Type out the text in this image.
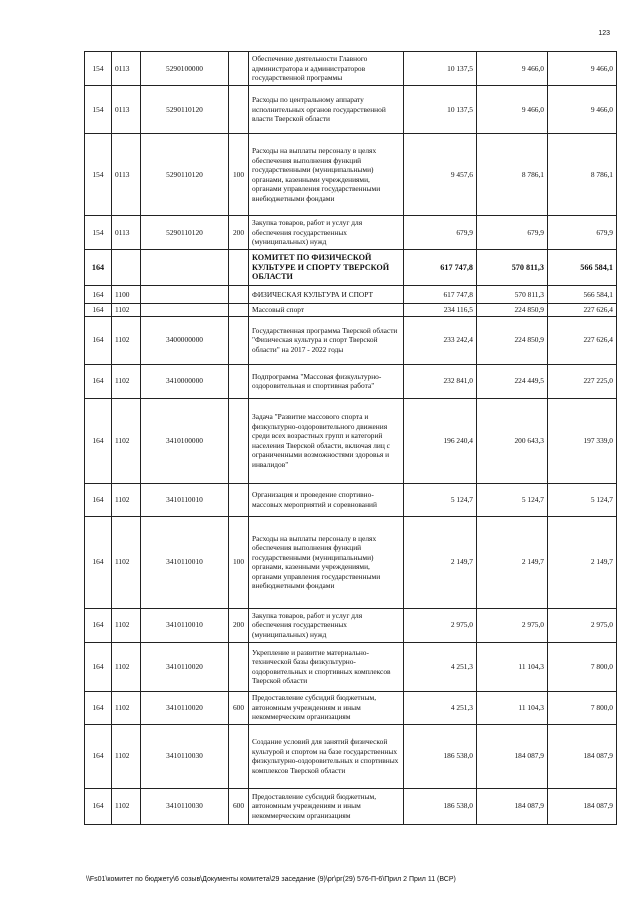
123
154	0113	5290100000		Обеспечение деятельности Главного администратора и администраторов государственной программы	10 137,5	9 466,0	9 466,0
154	0113	5290110120		Расходы по центральному аппарату исполнительных органов государственной власти Тверской области	10 137,5	9 466,0	9 466,0
154	0113	5290110120	100	Расходы на выплаты персоналу в целях обеспечения выполнения функций государственными (муниципальными) органами, казенными учреждениями, органами управления государственными внебюджетными фондами	9 457,6	8 786,1	8 786,1
154	0113	5290110120	200	Закупка товаров, работ и услуг для обеспечения государственных (муниципальных) нужд	679,9	679,9	679,9
164				КОМИТЕТ ПО ФИЗИЧЕСКОЙ КУЛЬТУРЕ И СПОРТУ ТВЕРСКОЙ ОБЛАСТИ	617 747,8	570 811,3	566 584,1
164	1100			ФИЗИЧЕСКАЯ КУЛЬТУРА И СПОРТ	617 747,8	570 811,3	566 584,1
164	1102			Массовый спорт	234 116,5	224 850,9	227 626,4
164	1102	3400000000		Государственная программа Тверской области "Физическая культура и спорт Тверской области" на 2017 - 2022 годы	233 242,4	224 850,9	227 626,4
164	1102	3410000000		Подпрограмма "Массовая физкультурно-оздоровительная и спортивная работа"	232 841,0	224 449,5	227 225,0
164	1102	3410100000		Задача "Развитие массового спорта и физкультурно-оздоровительного движения среди всех возрастных групп и категорий населения Тверской области, включая лиц с ограниченными возможностями здоровья и инвалидов"	196 240,4	200 643,3	197 339,0
164	1102	3410110010		Организация и проведение спортивно-массовых мероприятий и соревнований	5 124,7	5 124,7	5 124,7
164	1102	3410110010	100	Расходы на выплаты персоналу в целях обеспечения выполнения функций государственными (муниципальными) органами, казенными учреждениями, органами управления государственными внебюджетными фондами	2 149,7	2 149,7	2 149,7
164	1102	3410110010	200	Закупка товаров, работ и услуг для обеспечения государственных (муниципальных) нужд	2 975,0	2 975,0	2 975,0
164	1102	3410110020		Укрепление и развитие материально-технической базы физкультурно-оздоровительных и спортивных комплексов Тверской области	4 251,3	11 104,3	7 800,0
164	1102	3410110020	600	Предоставление субсидий бюджетным, автономным учреждениям и иным некоммерческим организациям	4 251,3	11 104,3	7 800,0
164	1102	3410110030		Создание условий для занятий физической культурой и спортом на базе государственных физкультурно-оздоровительных и спортивных комплексов Тверской области	186 538,0	184 087,9	184 087,9
164	1102	3410110030	600	Предоставление субсидий бюджетным, автономным учреждениям и иным некоммерческим организациям	186 538,0	184 087,9	184 087,9
\\Fs01\комитет по бюджету\6 созыв\Документы комитета\29 заседание (9)\рг\рг(29) 576-П-6\Прил 2 Прил 11 (ВСР)
